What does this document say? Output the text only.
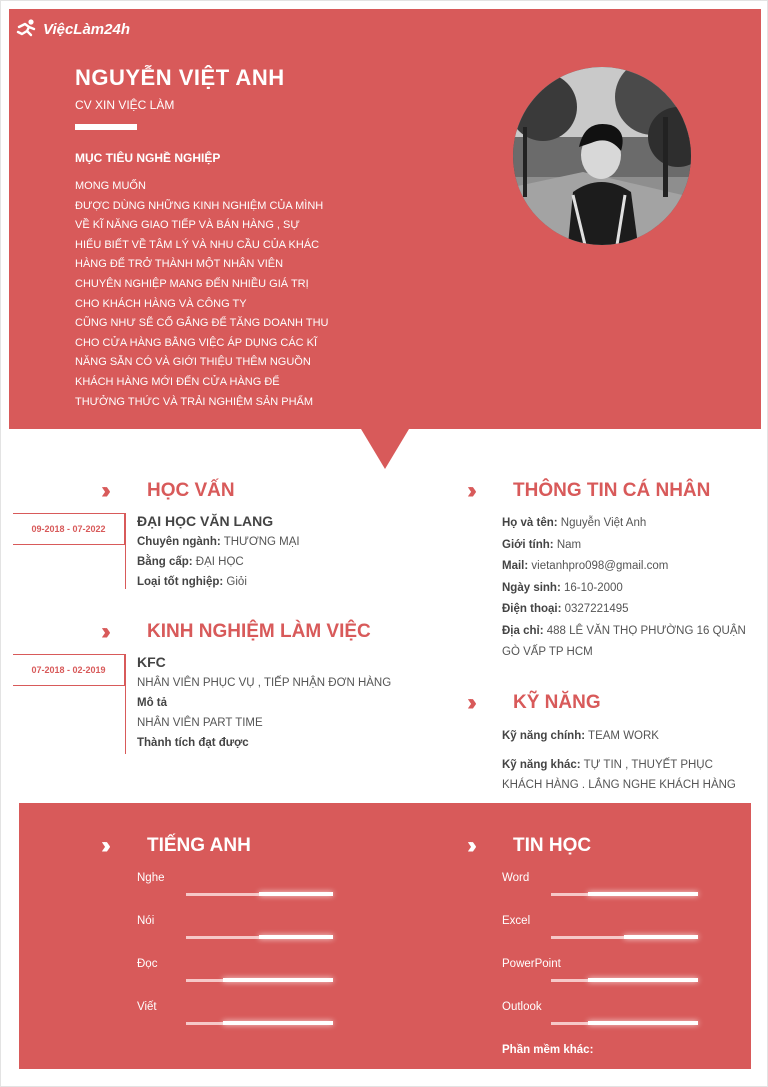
ViệcLàm24h
NGUYỄN VIỆT ANH
CV XIN VIỆC LÀM
MỤC TIÊU NGHỀ NGHIỆP
MONG MUỐN
ĐƯỢC DÙNG NHỮNG KINH NGHIỆM CỦA MÌNH
VỀ KĨ NĂNG GIAO TIẾP VÀ BÁN HÀNG , SỰ
HIỂU BIẾT VỀ TÂM LÝ VÀ NHU CẦU CỦA KHÁC
HÀNG ĐỂ TRỞ THÀNH MỘT NHÂN VIÊN
CHUYÊN NGHIỆP MANG ĐẾN NHIỀU GIÁ TRỊ
CHO KHÁCH HÀNG VÀ CÔNG TY
CŨNG NHƯ SẼ CỐ GẮNG ĐỂ TĂNG DOANH THU
CHO CỬA HÀNG BẰNG VIỆC ÁP DỤNG CÁC KĨ
NĂNG SẴN CÓ VÀ GIỚI THIỆU THÊM NGUỒN
KHÁCH HÀNG MỚI ĐẾN CỬA HÀNG ĐỂ
THƯỞNG THỨC VÀ TRẢI NGHIỆM SẢN PHẨM
››	HỌC VẤN
09-2018 - 07-2022	ĐẠI HỌC VĂN LANG
Chuyên ngành: THƯƠNG MẠI
Bằng cấp: ĐẠI HỌC
Loại tốt nghiệp: Giỏi
››	KINH NGHIỆM LÀM VIỆC
07-2018 - 02-2019	KFC
NHÂN VIÊN PHỤC VỤ , TIẾP NHẬN ĐƠN HÀNG
Mô tả
NHÂN VIÊN PART TIME
Thành tích đạt được
››	THÔNG TIN CÁ NHÂN
Họ và tên: Nguyễn Việt Anh
Giới tính: Nam
Mail: vietanhpro098@gmail.com
Ngày sinh: 16-10-2000
Điện thoại: 0327221495
Địa chỉ: 488 LÊ VĂN THỌ PHƯỜNG 16 QUẬN GÒ VẤP TP HCM
››	KỸ NĂNG
Kỹ năng chính: TEAM WORK
Kỹ năng khác: TỰ TIN , THUYẾT PHỤC KHÁCH HÀNG . LẮNG NGHE KHÁCH HÀNG
››	TIẾNG ANH	››	TIN HỌC
Nghe
Nói
Đọc
Viết
Word
Excel
PowerPoint
Outlook
Phần mềm khác:
